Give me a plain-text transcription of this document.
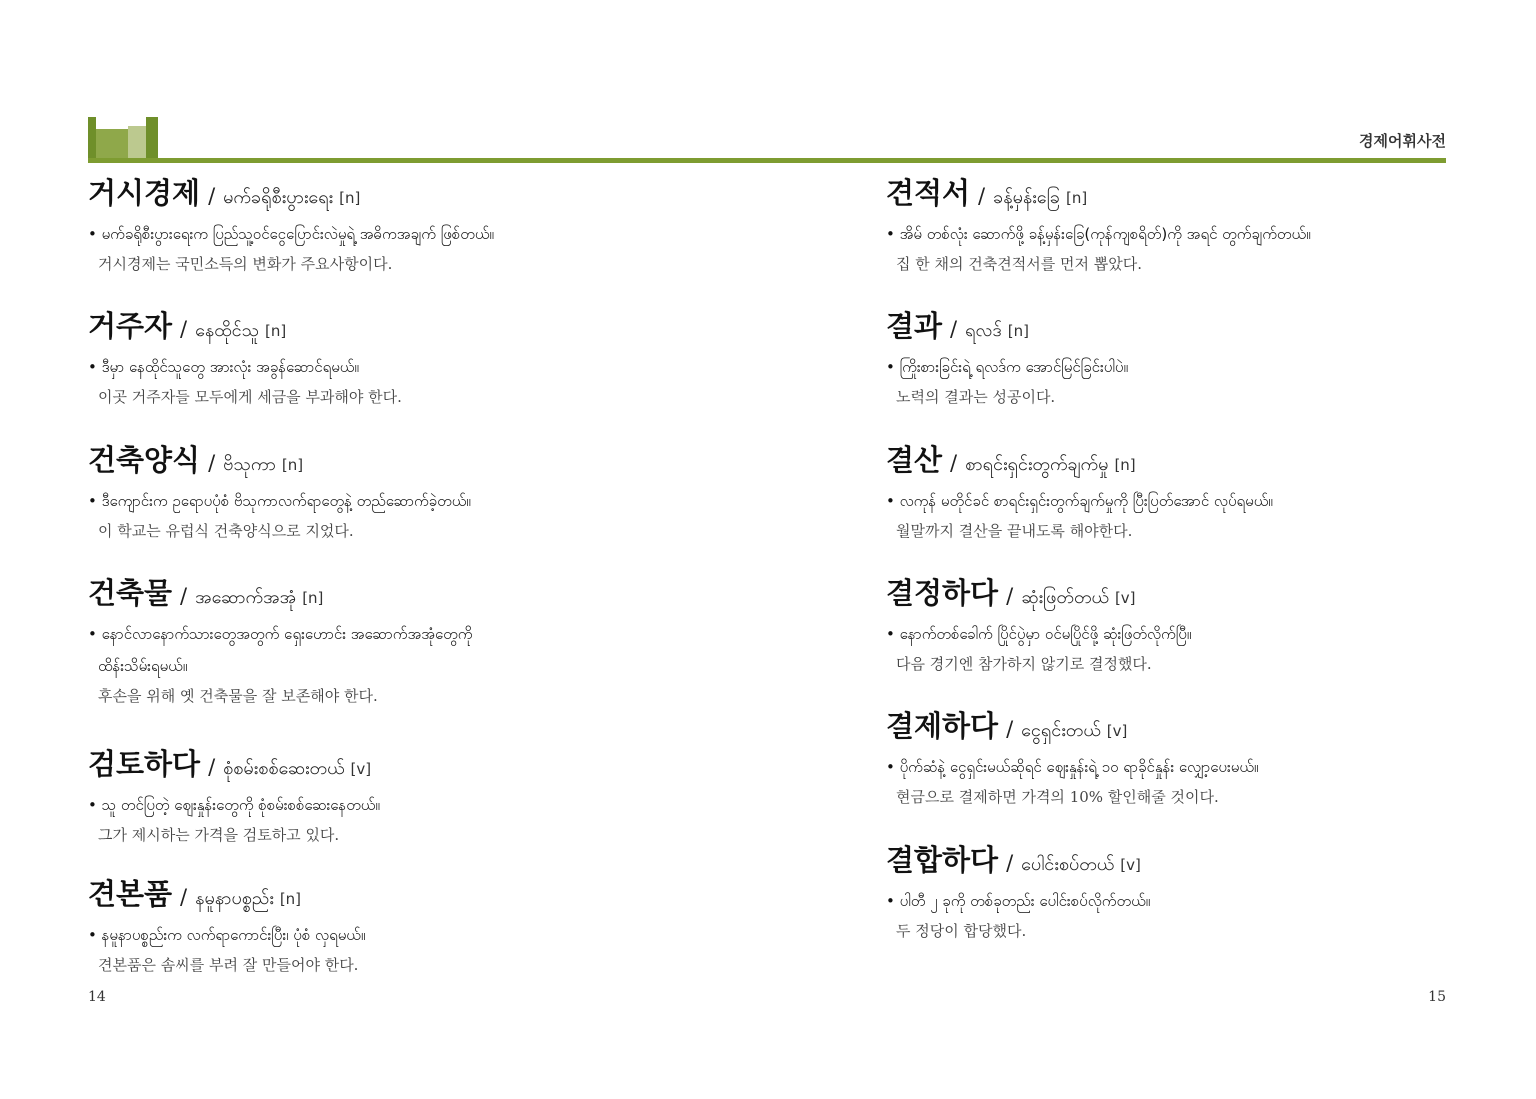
경제어휘사전
거시경제 / မက်ခရိုစီးပွားရေး [n]
• မက်ခရိုစီးပွားရေးက ပြည်သူ့ဝင်ငွေပြောင်းလဲမှုရဲ့ အဓိကအချက် ဖြစ်တယ်။
거시경제는 국민소득의 변화가 주요사항이다.
거주자 / နေထိုင်သူ [n]
• ဒီမှာ နေထိုင်သူတွေ အားလုံး အခွန်ဆောင်ရမယ်။
이곳 거주자들 모두에게 세금을 부과해야 한다.
건축양식 / ဗိသုကာ [n]
• ဒီကျောင်းက ဥရောပပုံစံ ဗိသုကာလက်ရာတွေနဲ့ တည်ဆောက်ခဲ့တယ်။
이 학교는 유럽식 건축양식으로 지었다.
건축물 / အဆောက်အအုံ [n]
• နောင်လာနောက်သားတွေအတွက် ရှေးဟောင်း အဆောက်အအုံတွေကို
ထိန်းသိမ်းရမယ်။
후손을 위해 옛 건축물을 잘 보존해야 한다.
검토하다 / စုံစမ်းစစ်ဆေးတယ် [v]
• သူ တင်ပြတဲ့ ဈေးနှုန်းတွေကို စုံစမ်းစစ်ဆေးနေတယ်။
그가 제시하는 가격을 검토하고 있다.
견본품 / နမူနာပစ္စည်း [n]
• နမူနာပစ္စည်းက လက်ရာကောင်းပြီး၊ ပုံစံ လှရမယ်။
견본품은 솜씨를 부려 잘 만들어야 한다.
견적서 / ခန့်မှန်းခြေ [n]
• အိမ် တစ်လုံး ဆောက်ဖို့ ခန့်မှန်းခြေ(ကုန်ကျစရိတ်)ကို အရင် တွက်ချက်တယ်။
집 한 채의 건축견적서를 먼저 뽑았다.
결과 / ရလဒ် [n]
• ကြိုးစားခြင်းရဲ့ ရလဒ်က အောင်မြင်ခြင်းပါပဲ။
노력의 결과는 성공이다.
결산 / စာရင်းရှင်းတွက်ချက်မှု [n]
• လကုန် မတိုင်ခင် စာရင်းရှင်းတွက်ချက်မှုကို ပြီးပြတ်အောင် လုပ်ရမယ်။
월말까지 결산을 끝내도록 해야한다.
결정하다 / ဆုံးဖြတ်တယ် [v]
• နောက်တစ်ခေါက် ပြိုင်ပွဲမှာ ဝင်မပြိုင်ဖို့ ဆုံးဖြတ်လိုက်ပြီ။
다음 경기엔 참가하지 않기로 결정했다.
결제하다 / ငွေရှင်းတယ် [v]
• ပိုက်ဆံနဲ့ ငွေရှင်းမယ်ဆိုရင် ဈေးနှုန်းရဲ့ ၁၀ ရာခိုင်နှုန်း လျှော့ပေးမယ်။
현금으로 결제하면 가격의 10% 할인해줄 것이다.
결합하다 / ပေါင်းစပ်တယ် [v]
• ပါတီ ၂ ခုကို တစ်ခုတည်း ပေါင်းစပ်လိုက်တယ်။
두 정당이 합당했다.
14	15
